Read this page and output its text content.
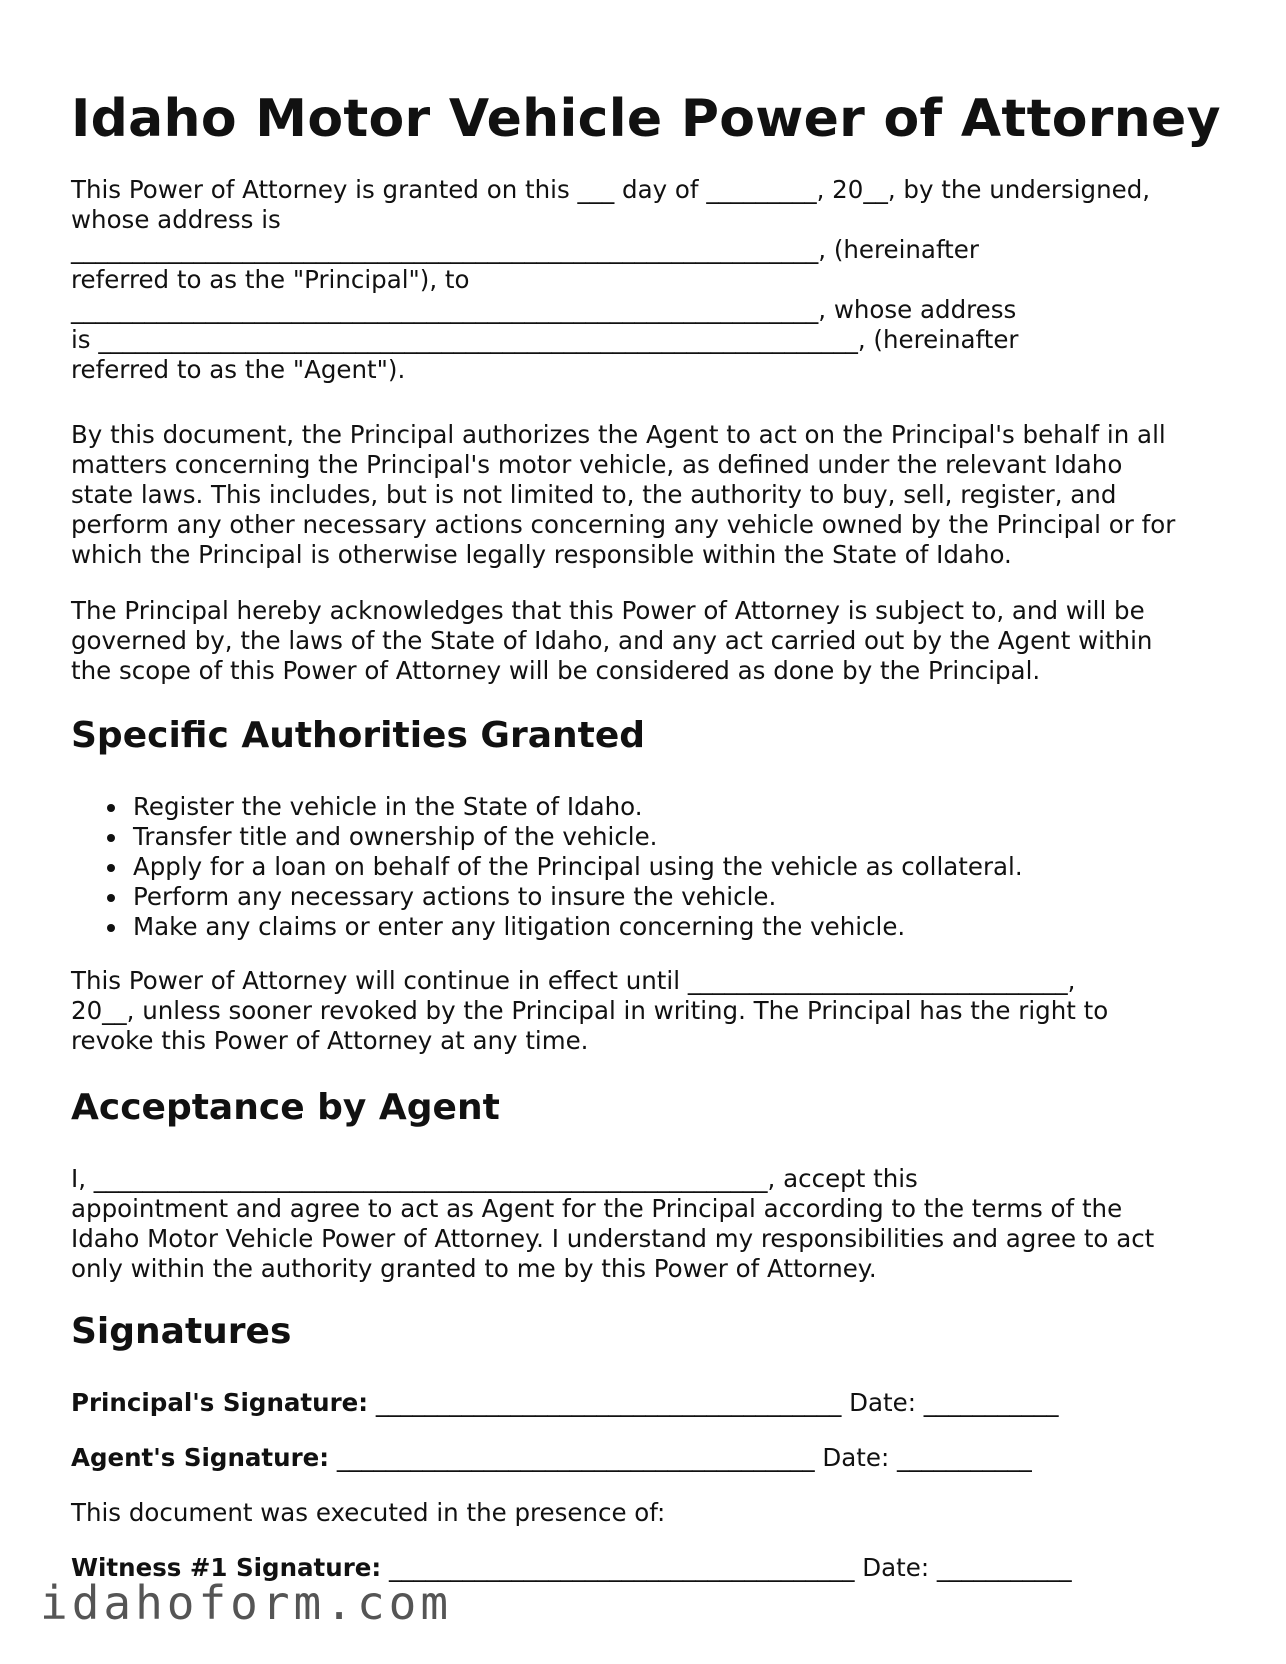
Idaho Motor Vehicle Power of Attorney

This Power of Attorney is granted on this ___ day of _________, 20__, by the undersigned,
whose address is
_____________________________________________________________, (hereinafter
referred to as the "Principal"), to
_____________________________________________________________, whose address
is ______________________________________________________________, (hereinafter
referred to as the "Agent").

By this document, the Principal authorizes the Agent to act on the Principal's behalf in all
matters concerning the Principal's motor vehicle, as defined under the relevant Idaho
state laws. This includes, but is not limited to, the authority to buy, sell, register, and
perform any other necessary actions concerning any vehicle owned by the Principal or for
which the Principal is otherwise legally responsible within the State of Idaho.

The Principal hereby acknowledges that this Power of Attorney is subject to, and will be
governed by, the laws of the State of Idaho, and any act carried out by the Agent within
the scope of this Power of Attorney will be considered as done by the Principal.

Specific Authorities Granted
Register the vehicle in the State of Idaho.
Transfer title and ownership of the vehicle.
Apply for a loan on behalf of the Principal using the vehicle as collateral.
Perform any necessary actions to insure the vehicle.
Make any claims or enter any litigation concerning the vehicle.

This Power of Attorney will continue in effect until _______________________________,
20__, unless sooner revoked by the Principal in writing. The Principal has the right to
revoke this Power of Attorney at any time.

Acceptance by Agent

I, _______________________________________________________, accept this
appointment and agree to act as Agent for the Principal according to the terms of the
Idaho Motor Vehicle Power of Attorney. I understand my responsibilities and agree to act
only within the authority granted to me by this Power of Attorney.

Signatures
Principal's Signature: ______________________________________ Date: ___________
Agent's Signature: _______________________________________ Date: ___________
This document was executed in the presence of:
Witness #1 Signature: ______________________________________ Date: ___________
idahoform.com
